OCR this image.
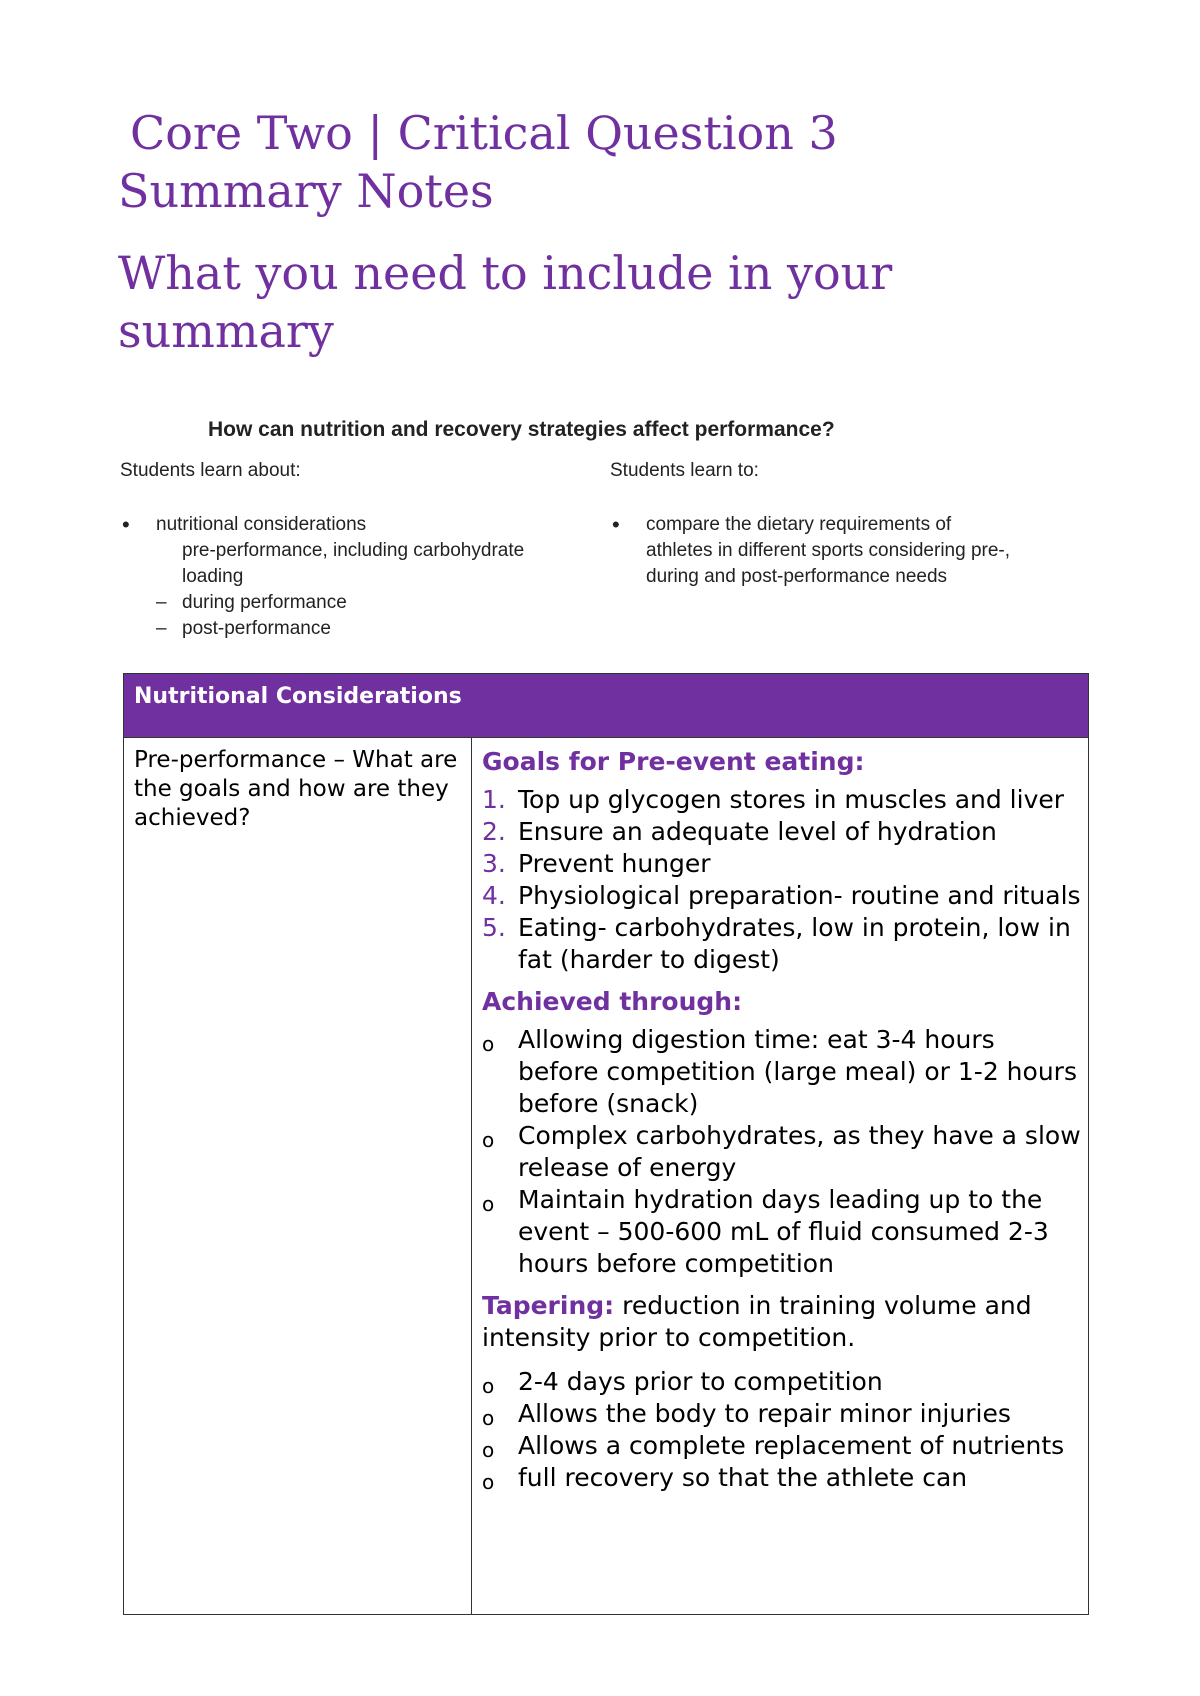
Core Two | Critical Question 3
Summary Notes
What you need to include in your summary
How can nutrition and recovery strategies affect performance?
Students learn about:
• nutritional considerations
pre-performance, including carbohydrate
loading
– during performance
– post-performance
Students learn to:
• compare the dietary requirements of athletes in different sports considering pre-, during and post-performance needs
Nutritional Considerations
Pre-performance – What are the goals and how are they achieved?
Goals for Pre-event eating:
1. Top up glycogen stores in muscles and liver
2. Ensure an adequate level of hydration
3. Prevent hunger
4. Physiological preparation- routine and rituals
5. Eating- carbohydrates, low in protein, low in fat (harder to digest)
Achieved through:
o Allowing digestion time: eat 3-4 hours before competition (large meal) or 1-2 hours before (snack)
o Complex carbohydrates, as they have a slow release of energy
o Maintain hydration days leading up to the event – 500-600 mL of fluid consumed 2-3 hours before competition
Tapering: reduction in training volume and intensity prior to competition.
o 2-4 days prior to competition
o Allows the body to repair minor injuries
o Allows a complete replacement of nutrients
o full recovery so that the athlete can
